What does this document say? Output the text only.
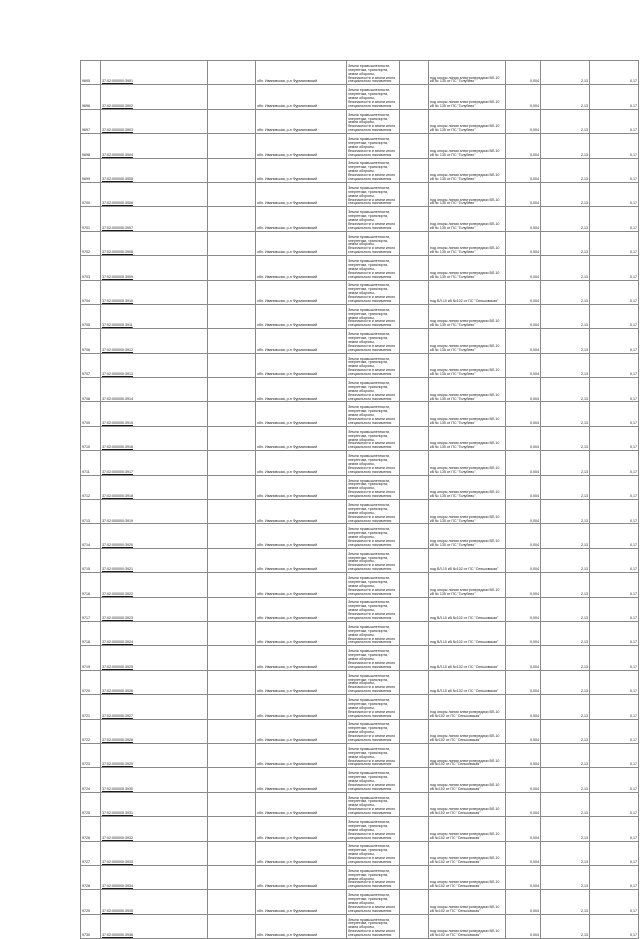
9695	37:02:000000:3901		обл. Ивановская, р-н Фурмановский	Земли промышленности, энергетики, транспорта, земли обороны, безопасности и земли иного специального назначения		под опоры линии электропередачи ВЛ-10 кВ № 135 от ПС "Голубево"	0,004	2,13	0,17
9696	37:02:000000:3902		обл. Ивановская, р-н Фурмановский	Земли промышленности, энергетики, транспорта, земли обороны, безопасности и земли иного специального назначения		под опоры линии электропередачи ВЛ-10 кВ № 135 от ПС "Голубево"	0,004	2,13	0,17
9697	37:02:000000:3903		обл. Ивановская, р-н Фурмановский	Земли промышленности, энергетики, транспорта, земли обороны, безопасности и земли иного специального назначения		под опоры линии электропередачи ВЛ-10 кВ № 135 от ПС "Голубево"	0,004	2,13	0,17
9698	37:02:000000:3904		обл. Ивановская, р-н Фурмановский	Земли промышленности, энергетики, транспорта, земли обороны, безопасности и земли иного специального назначения		под опоры линии электропередачи ВЛ-10 кВ № 135 от ПС "Голубево"	0,004	2,13	0,17
9699	37:02:000000:3905		обл. Ивановская, р-н Фурмановский	Земли промышленности, энергетики, транспорта, земли обороны, безопасности и земли иного специального назначения		под опоры линии электропередачи ВЛ-10 кВ № 135 от ПС "Голубево"	0,004	2,13	0,17
9700	37:02:000000:3906		обл. Ивановская, р-н Фурмановский	Земли промышленности, энергетики, транспорта, земли обороны, безопасности и земли иного специального назначения		под опоры линии электропередачи ВЛ-10 кВ № 135 от ПС "Голубево"	0,004	2,13	0,17
9701	37:02:000000:3907		обл. Ивановская, р-н Фурмановский	Земли промышленности, энергетики, транспорта, земли обороны, безопасности и земли иного специального назначения		под опоры линии электропередачи ВЛ-10 кВ № 135 от ПС "Голубево"	0,004	2,13	0,17
9702	37:02:000000:3908		обл. Ивановская, р-н Фурмановский	Земли промышленности, энергетики, транспорта, земли обороны, безопасности и земли иного специального назначения		под опоры линии электропередачи ВЛ-10 кВ № 135 от ПС "Голубево"	0,004	2,13	0,17
9703	37:02:000000:3909		обл. Ивановская, р-н Фурмановский	Земли промышленности, энергетики, транспорта, земли обороны, безопасности и земли иного специального назначения		под опоры линии электропередачи ВЛ-10 кВ № 135 от ПС "Голубево"	0,004	2,13	0,17
9704	37:02:000000:3910		обл. Ивановская, р-н Фурмановский	Земли промышленности, энергетики, транспорта, земли обороны, безопасности и земли иного специального назначения		под ВЛ-10 кВ №102 от ПС "Сеньковская"	0,004	2,13	0,17
9705	37:02:000000:3911		обл. Ивановская, р-н Фурмановский	Земли промышленности, энергетики, транспорта, земли обороны, безопасности и земли иного специального назначения		под опоры линии электропередачи ВЛ-10 кВ № 135 от ПС "Голубево"	0,004	2,13	0,17
9706	37:02:000000:3912		обл. Ивановская, р-н Фурмановский	Земли промышленности, энергетики, транспорта, земли обороны, безопасности и земли иного специального назначения		под опоры линии электропередачи ВЛ-10 кВ № 135 от ПС "Голубево"	0,004	2,13	0,17
9707	37:02:000000:3913		обл. Ивановская, р-н Фурмановский	Земли промышленности, энергетики, транспорта, земли обороны, безопасности и земли иного специального назначения		под опоры линии электропередачи ВЛ-10 кВ № 135 от ПС "Голубево"	0,004	2,13	0,17
9708	37:02:000000:3914		обл. Ивановская, р-н Фурмановский	Земли промышленности, энергетики, транспорта, земли обороны, безопасности и земли иного специального назначения		под опоры линии электропередачи ВЛ-10 кВ № 135 от ПС "Голубево"	0,004	2,13	0,17
9709	37:02:000000:3915		обл. Ивановская, р-н Фурмановский	Земли промышленности, энергетики, транспорта, земли обороны, безопасности и земли иного специального назначения		под опоры линии электропередачи ВЛ-10 кВ № 135 от ПС "Голубево"	0,004	2,13	0,17
9710	37:02:000000:3916		обл. Ивановская, р-н Фурмановский	Земли промышленности, энергетики, транспорта, земли обороны, безопасности и земли иного специального назначения		под опоры линии электропередачи ВЛ-10 кВ № 135 от ПС "Голубево"	0,004	2,13	0,17
9711	37:02:000000:3917		обл. Ивановская, р-н Фурмановский	Земли промышленности, энергетики, транспорта, земли обороны, безопасности и земли иного специального назначения		под опоры линии электропередачи ВЛ-10 кВ № 135 от ПС "Голубево"	0,004	2,13	0,17
9712	37:02:000000:3918		обл. Ивановская, р-н Фурмановский	Земли промышленности, энергетики, транспорта, земли обороны, безопасности и земли иного специального назначения		под опоры линии электропередачи ВЛ-10 кВ № 135 от ПС "Голубево"	0,004	2,13	0,17
9713	37:02:000000:3919		обл. Ивановская, р-н Фурмановский	Земли промышленности, энергетики, транспорта, земли обороны, безопасности и земли иного специального назначения		под опоры линии электропередачи ВЛ-10 кВ № 135 от ПС "Голубево"	0,004	2,13	0,17
9714	37:02:000000:3920		обл. Ивановская, р-н Фурмановский	Земли промышленности, энергетики, транспорта, земли обороны, безопасности и земли иного специального назначения		под опоры линии электропередачи ВЛ-10 кВ № 135 от ПС "Голубево"	0,004	2,13	0,17
9715	37:02:000000:3921		обл. Ивановская, р-н Фурмановский	Земли промышленности, энергетики, транспорта, земли обороны, безопасности и земли иного специального назначения		под ВЛ-10 кВ №102 от ПС "Сеньковская"	0,004	2,13	0,17
9716	37:02:000000:3922		обл. Ивановская, р-н Фурмановский	Земли промышленности, энергетики, транспорта, земли обороны, безопасности и земли иного специального назначения		под опоры линии электропередачи ВЛ-10 кВ № 135 от ПС "Голубево"	0,004	2,13	0,17
9717	37:02:000000:3923		обл. Ивановская, р-н Фурмановский	Земли промышленности, энергетики, транспорта, земли обороны, безопасности и земли иного специального назначения		под ВЛ-10 кВ №102 от ПС "Сеньковская"	0,004	2,13	0,17
9718	37:02:000000:3924		обл. Ивановская, р-н Фурмановский	Земли промышленности, энергетики, транспорта, земли обороны, безопасности и земли иного специального назначения		под ВЛ-10 кВ №102 от ПС "Сеньковская"	0,004	2,13	0,17
9719	37:02:000000:3925		обл. Ивановская, р-н Фурмановский	Земли промышленности, энергетики, транспорта, земли обороны, безопасности и земли иного специального назначения		под ВЛ-10 кВ №102 от ПС "Сеньковская"	0,004	2,13	0,17
9720	37:02:000000:3926		обл. Ивановская, р-н Фурмановский	Земли промышленности, энергетики, транспорта, земли обороны, безопасности и земли иного специального назначения		под ВЛ-10 кВ №102 от ПС "Сеньковская"	0,004	2,13	0,17
9721	37:02:000000:3927		обл. Ивановская, р-н Фурмановский	Земли промышленности, энергетики, транспорта, земли обороны, безопасности и земли иного специального назначения		под опоры линии электропередачи ВЛ-10 кВ №102 от ПС "Сеньковская"	0,004	2,13	0,17
9722	37:02:000000:3928		обл. Ивановская, р-н Фурмановский	Земли промышленности, энергетики, транспорта, земли обороны, безопасности и земли иного специального назначения		под опоры линии электропередачи ВЛ-10 кВ №102 от ПС "Сеньковская"	0,004	2,13	0,17
9723	37:02:000000:3929		обл. Ивановская, р-н Фурмановский	Земли промышленности, энергетики, транспорта, земли обороны, безопасности и земли иного специального назначения		под опоры линии электропередачи ВЛ-10 кВ №102 от ПС "Сеньковская"	0,004	2,13	0,17
9724	37:02:000000:3930		обл. Ивановская, р-н Фурмановский	Земли промышленности, энергетики, транспорта, земли обороны, безопасности и земли иного специального назначения		под опоры линии электропередачи ВЛ-10 кВ №102 от ПС "Сеньковская"	0,004	2,13	0,17
9725	37:02:000000:3931		обл. Ивановская, р-н Фурмановский	Земли промышленности, энергетики, транспорта, земли обороны, безопасности и земли иного специального назначения		под опоры линии электропередачи ВЛ-10 кВ №102 от ПС "Сеньковская"	0,004	2,13	0,17
9726	37:02:000000:3932		обл. Ивановская, р-н Фурмановский	Земли промышленности, энергетики, транспорта, земли обороны, безопасности и земли иного специального назначения		под опоры линии электропередачи ВЛ-10 кВ №102 от ПС "Сеньковская"	0,004	2,13	0,17
9727	37:02:000000:3933		обл. Ивановская, р-н Фурмановский	Земли промышленности, энергетики, транспорта, земли обороны, безопасности и земли иного специального назначения		под опоры линии электропередачи ВЛ-10 кВ №102 от ПС "Сеньковская"	0,004	2,13	0,17
9728	37:02:000000:3934		обл. Ивановская, р-н Фурмановский	Земли промышленности, энергетики, транспорта, земли обороны, безопасности и земли иного специального назначения		под опоры линии электропередачи ВЛ-10 кВ №102 от ПС "Сеньковская"	0,004	2,13	0,17
9729	37:02:000000:3935		обл. Ивановская, р-н Фурмановский	Земли промышленности, энергетики, транспорта, земли обороны, безопасности и земли иного специального назначения		под опоры линии электропередачи ВЛ-10 кВ №102 от ПС "Сеньковская"	0,004	2,13	0,17
9730	37:02:000000:3936		обл. Ивановская, р-н Фурмановский	Земли промышленности, энергетики, транспорта, земли обороны, безопасности и земли иного специального назначения		под опоры линии электропередачи ВЛ-10 кВ №102 от ПС "Сеньковская"	0,004	2,13	0,17
